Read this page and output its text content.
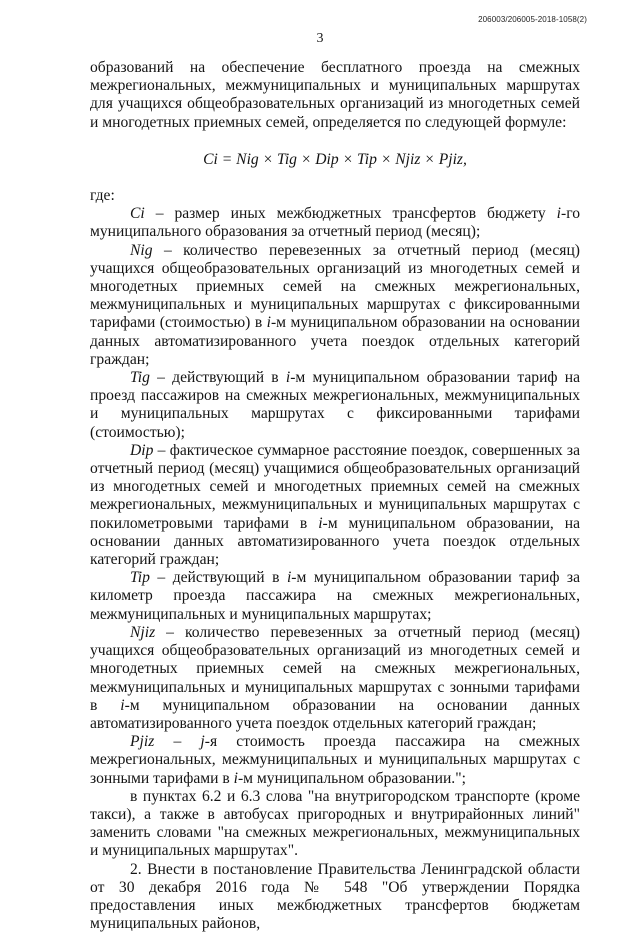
206003/206005-2018-1058(2)
3

образований на обеспечение бесплатного проезда на смежных межрегиональных, межмуниципальных и муниципальных маршрутах для учащихся общеобразовательных организаций из многодетных семей и многодетных приемных семей, определяется по следующей формуле:

Ci = Nig × Tig × Dip × Tip × Njiz × Pjiz,

где:

Ci – размер иных межбюджетных трансфертов бюджету i-го муниципального образования за отчетный период (месяц);

Nig – количество перевезенных за отчетный период (месяц) учащихся общеобразовательных организаций из многодетных семей и многодетных приемных семей на смежных межрегиональных, межмуниципальных и муниципальных маршрутах с фиксированными тарифами (стоимостью) в i-м муниципальном образовании на основании данных автоматизированного учета поездок отдельных категорий граждан;

Tig – действующий в i-м муниципальном образовании тариф на проезд пассажиров на смежных межрегиональных, межмуниципальных и муниципальных маршрутах с фиксированными тарифами (стоимостью);

Dip – фактическое суммарное расстояние поездок, совершенных за отчетный период (месяц) учащимися общеобразовательных организаций из многодетных семей и многодетных приемных семей на смежных межрегиональных, межмуниципальных и муниципальных маршрутах с покилометровыми тарифами в i-м муниципальном образовании, на основании данных автоматизированного учета поездок отдельных категорий граждан;

Tip – действующий в i-м муниципальном образовании тариф за километр проезда пассажира на смежных межрегиональных, межмуниципальных и муниципальных маршрутах;

Njiz – количество перевезенных за отчетный период (месяц) учащихся общеобразовательных организаций из многодетных семей и многодетных приемных семей на смежных межрегиональных, межмуниципальных и муниципальных маршрутах с зонными тарифами в i-м муниципальном образовании на основании данных автоматизированного учета поездок отдельных категорий граждан;

Pjiz – j-я стоимость проезда пассажира на смежных межрегиональных, межмуниципальных и муниципальных маршрутах с зонными тарифами в i-м муниципальном образовании.";

в пунктах 6.2 и 6.3 слова "на внутригородском транспорте (кроме такси), а также в автобусах пригородных и внутрирайонных линий" заменить словами "на смежных межрегиональных, межмуниципальных и муниципальных маршрутах".

2. Внести в постановление Правительства Ленинградской области от 30 декабря 2016 года № 548 "Об утверждении Порядка предоставления иных межбюджетных трансфертов бюджетам муниципальных районов,
